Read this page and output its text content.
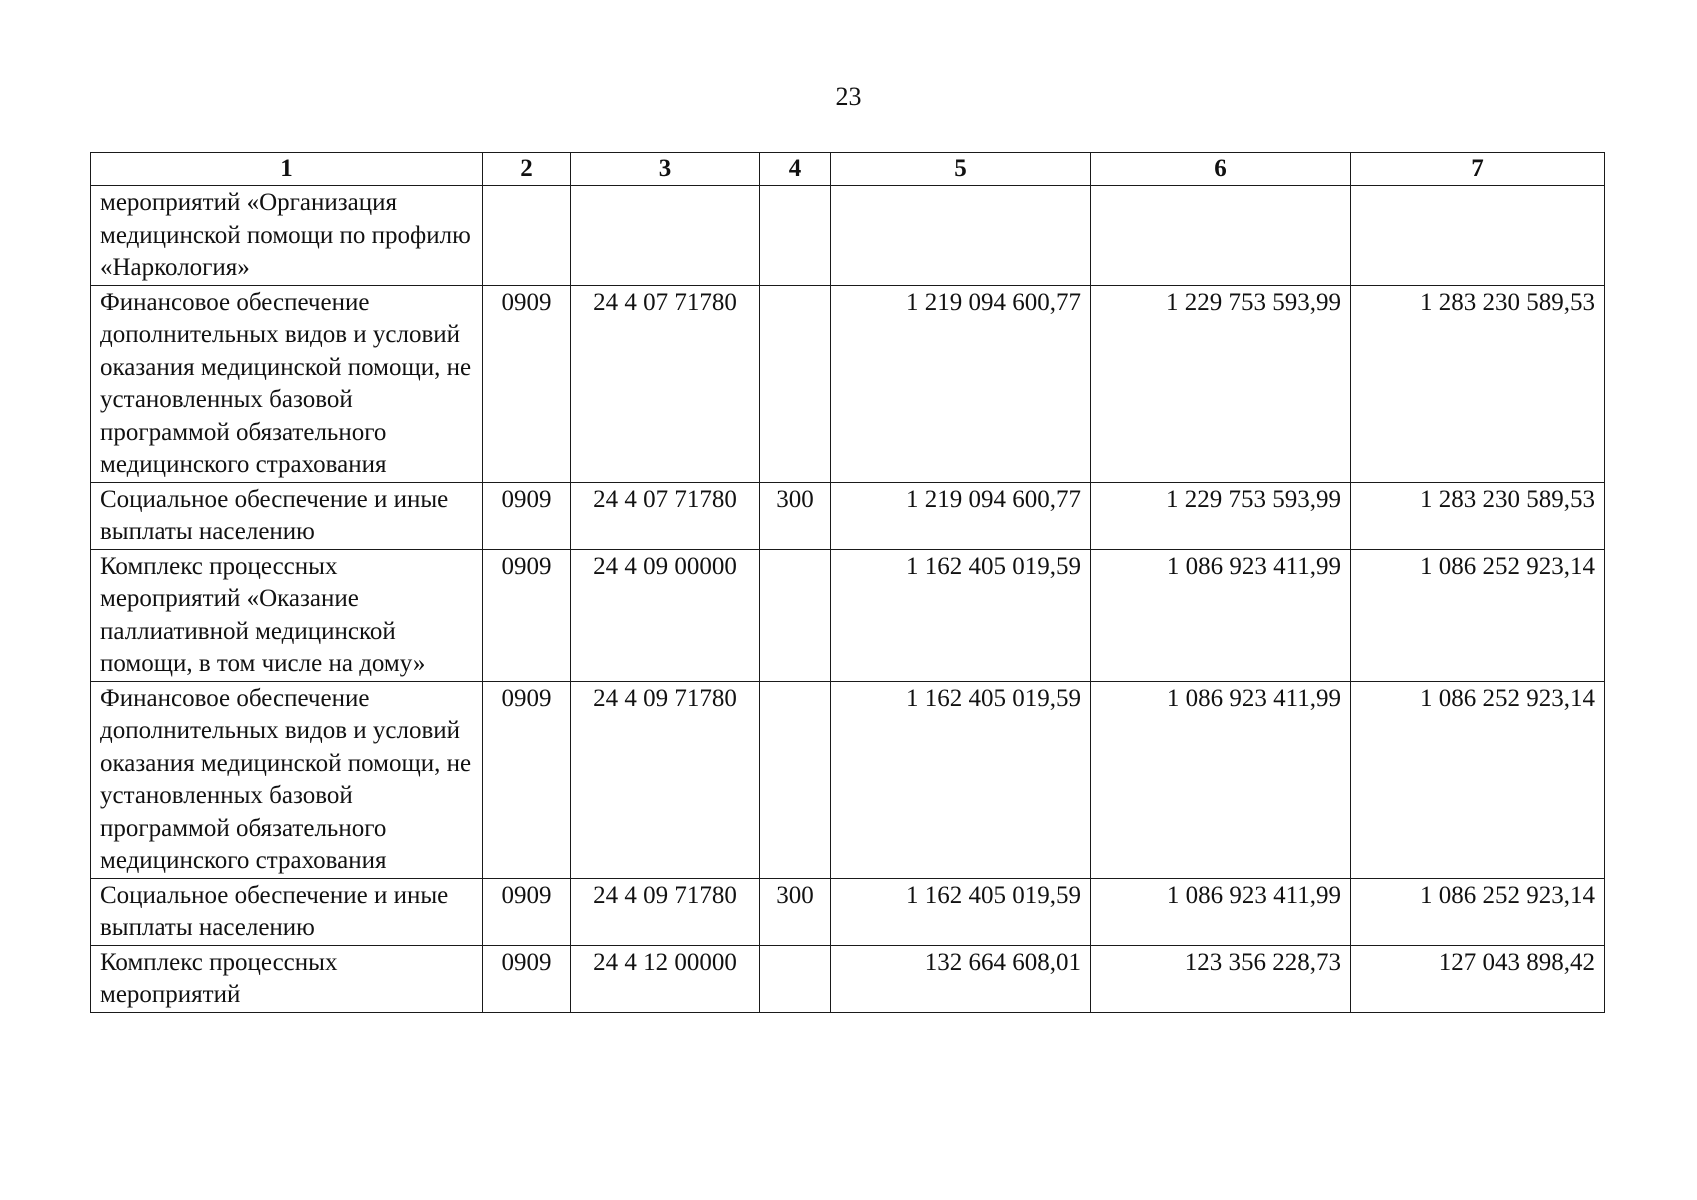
23
1	2	3	4	5	6	7
мероприятий «Организация медицинской помощи по профилю «Наркология»						
Финансовое обеспечение дополнительных видов и условий оказания медицинской помощи, не установленных базовой программой обязательного медицинского страхования	0909	24 4 07 71780		1 219 094 600,77	1 229 753 593,99	1 283 230 589,53
Социальное обеспечение и иные выплаты населению	0909	24 4 07 71780	300	1 219 094 600,77	1 229 753 593,99	1 283 230 589,53
Комплекс процессных мероприятий «Оказание паллиативной медицинской помощи, в том числе на дому»	0909	24 4 09 00000		1 162 405 019,59	1 086 923 411,99	1 086 252 923,14
Финансовое обеспечение дополнительных видов и условий оказания медицинской помощи, не установленных базовой программой обязательного медицинского страхования	0909	24 4 09 71780		1 162 405 019,59	1 086 923 411,99	1 086 252 923,14
Социальное обеспечение и иные выплаты населению	0909	24 4 09 71780	300	1 162 405 019,59	1 086 923 411,99	1 086 252 923,14
Комплекс процессных мероприятий	0909	24 4 12 00000		132 664 608,01	123 356 228,73	127 043 898,42
